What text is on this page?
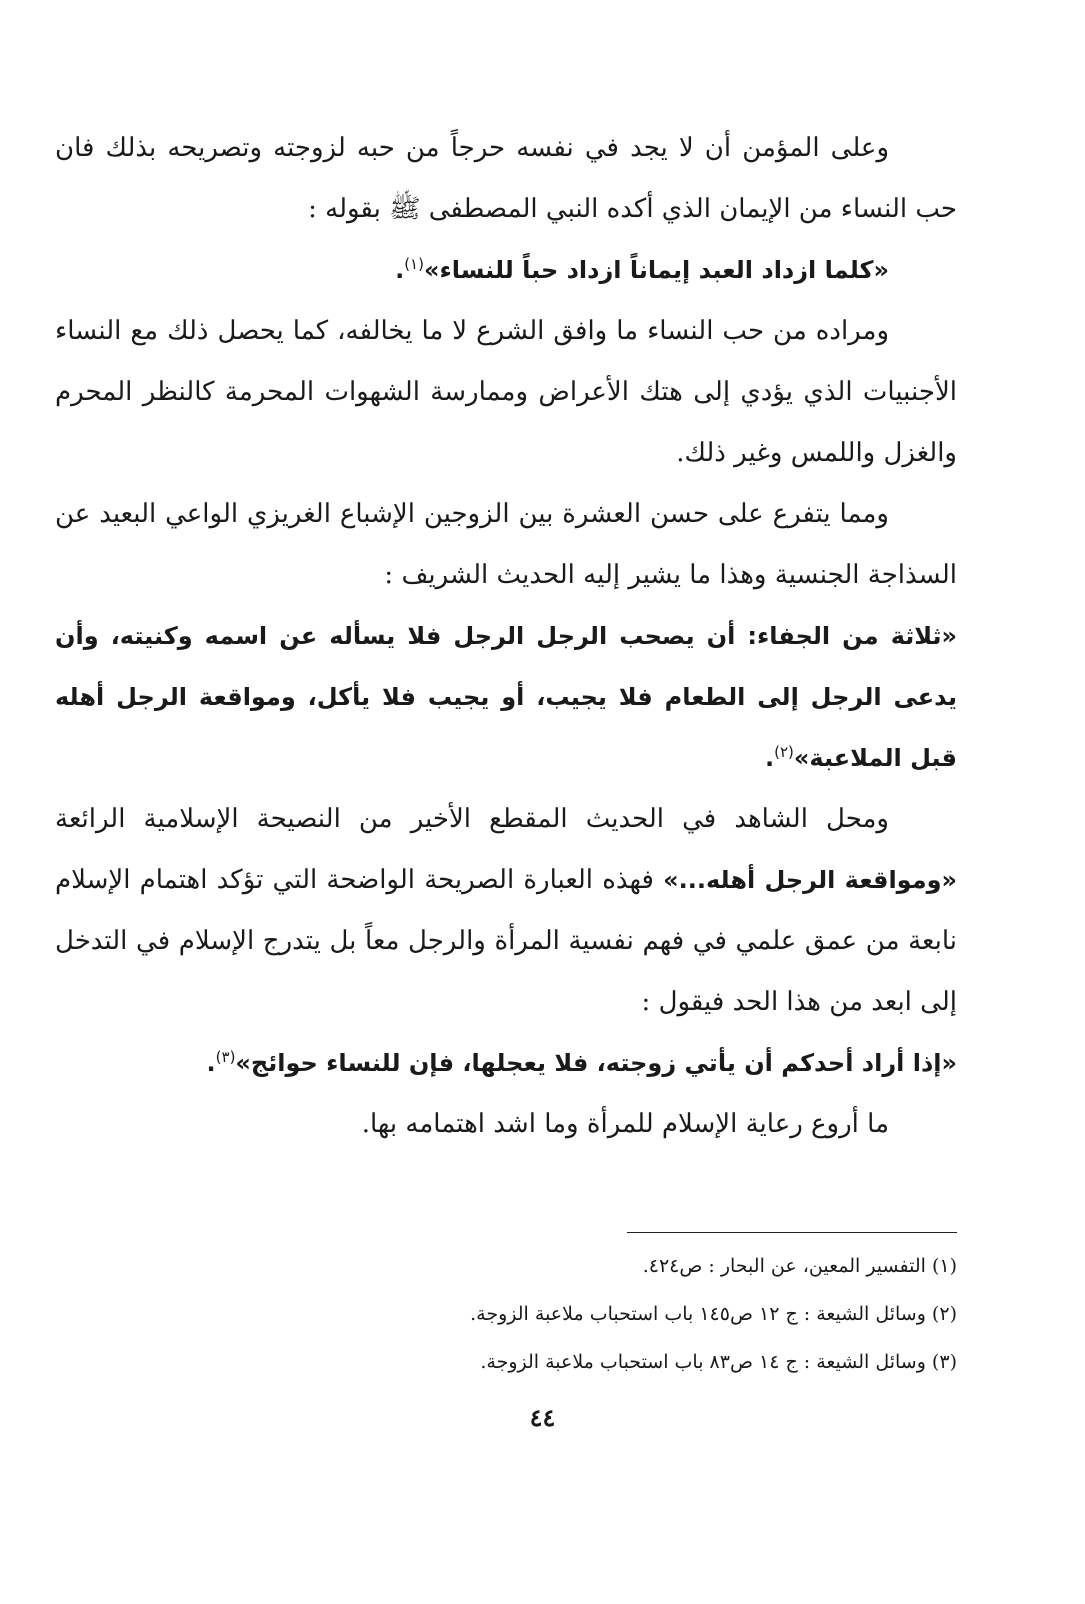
وعلى المؤمن أن لا يجد في نفسه حرجاً من حبه لزوجته وتصريحه بذلك فان حب النساء من الإيمان الذي أكده النبي المصطفى ﷺ بقوله :

«كلما ازداد العبد إيماناً ازداد حباً للنساء»$^{(١)}$.

ومراده من حب النساء ما وافق الشرع لا ما يخالفه، كما يحصل ذلك مع النساء الأجنبيات الذي يؤدي إلى هتك الأعراض وممارسة الشهوات المحرمة كالنظر المحرم والغزل واللمس وغير ذلك.

ومما يتفرع على حسن العشرة بين الزوجين الإشباع الغريزي الواعي البعيد عن السذاجة الجنسية وهذا ما يشير إليه الحديث الشريف :

«ثلاثة من الجفاء: أن يصحب الرجل الرجل فلا يسأله عن اسمه وكنيته، وأن يدعى الرجل إلى الطعام فلا يجيب، أو يجيب فلا يأكل، ومواقعة الرجل أهله قبل الملاعبة»$^{(٢)}$.

ومحل الشاهد في الحديث المقطع الأخير من النصيحة الإسلامية الرائعة «ومواقعة الرجل أهله...» فهذه العبارة الصريحة الواضحة التي تؤكد اهتمام الإسلام نابعة من عمق علمي في فهم نفسية المرأة والرجل معاً بل يتدرج الإسلام في التدخل إلى ابعد من هذا الحد فيقول :

«إذا أراد أحدكم أن يأتي زوجته، فلا يعجلها، فإن للنساء حوائج»$^{(٣)}$.

ما أروع رعاية الإسلام للمرأة وما اشد اهتمامه بها.

(١) التفسير المعين، عن البحار : ص٤٢٤.

(٢) وسائل الشيعة : ج ١٢ ص١٤٥ باب استحباب ملاعبة الزوجة.

(٣) وسائل الشيعة : ج ١٤ ص٨٣ باب استحباب ملاعبة الزوجة.

٤٤
